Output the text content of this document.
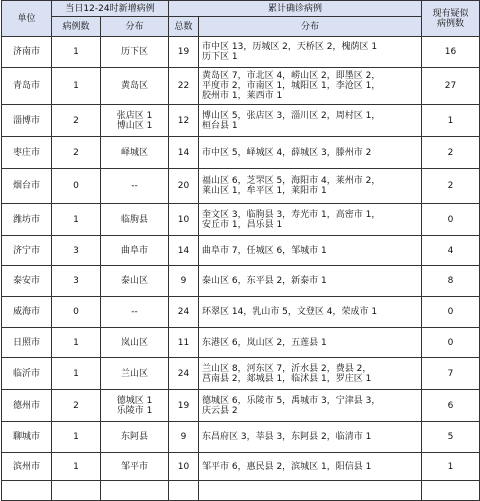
单位	当日12-24时新增病例		累计确诊病例		现有疑似
病例数
	病例数	分布	总数	分布	
济南市	1	历下区	19	市中区 13，历城区 2，天桥区 2，槐荫区 1
历下区 1	16
青岛市	1	黄岛区	22	黄岛区 7，市北区 4，崂山区 2，即墨区 2，
平度市 2，市南区 1，城阳区 1，李沧区 1，
胶州市 1，莱西市 1	27
淄博市	2	张店区 1
博山区 1	12	博山区 5，张店区 3，淄川区 2，周村区 1，
桓台县 1	1
枣庄市	2	峄城区	14	市中区 5，峄城区 4，薛城区 3，滕州市 2	2
烟台市	0	--	20	福山区 6，芝罘区 5，海阳市 4，莱州市 2，
莱山区 1，牟平区 1，莱阳市 1	2
潍坊市	1	临朐县	10	奎文区 3，临朐县 3，寿光市 1，高密市 1，
安丘市 1，昌乐县 1	0
济宁市	3	曲阜市	14	曲阜市 7，任城区 6，邹城市 1	4
泰安市	3	泰山区	9	泰山区 6，东平县 2，新泰市 1	8
威海市	0	--	24	环翠区 14，乳山市 5，文登区 4，荣成市 1	0
日照市	1	岚山区	11	东港区 6，岚山区 2，五莲县 1	0
临沂市	1	兰山区	24	兰山区 8，河东区 7，沂水县 2，费县 2，
莒南县 2，郯城县 1，临沭县 1，罗庄区 1	7
德州市	2	德城区 1
乐陵市 1	19	德城区 6，乐陵市 5，禹城市 3，宁津县 3，
庆云县 2	6
聊城市	1	东阿县	9	东昌府区 3，莘县 3，东阿县 2，临清市 1	5
滨州市	1	邹平市	10	邹平市 6，惠民县 2，滨城区 1，阳信县 1	1
